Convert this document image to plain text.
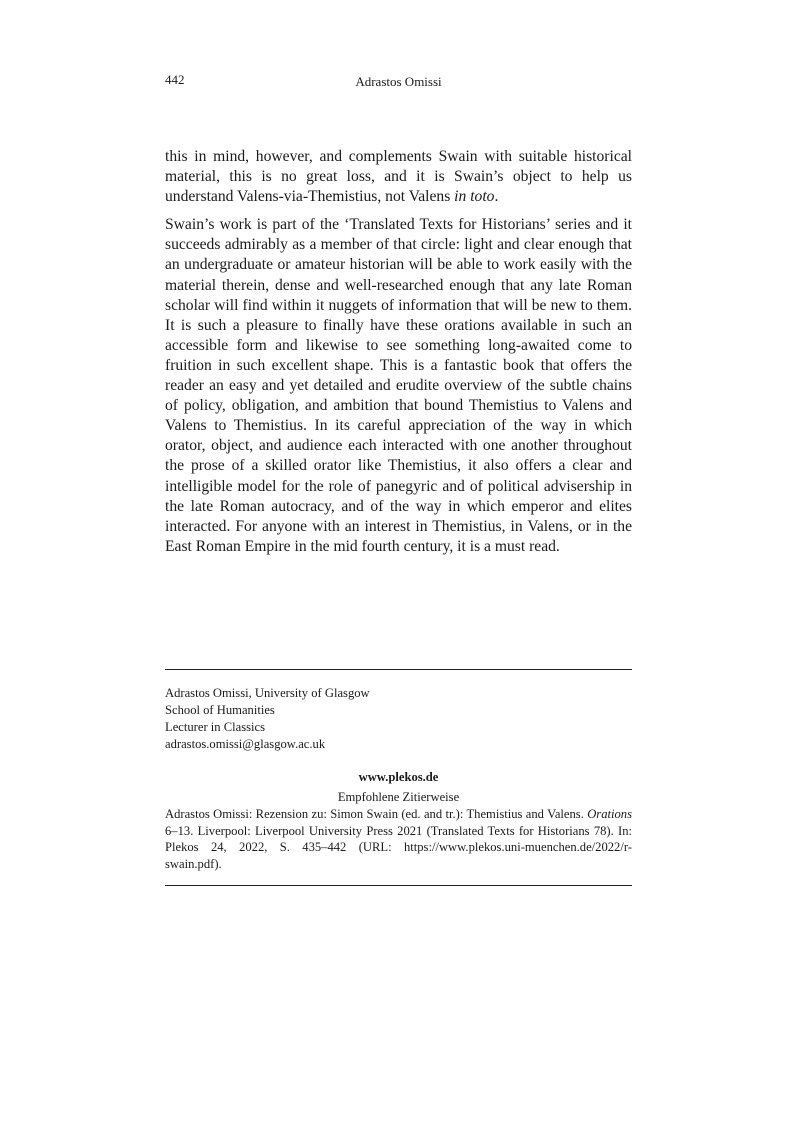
442	Adrastos Omissi

this in mind, however, and complements Swain with suitable historical material, this is no great loss, and it is Swain’s object to help us understand Valens-via-Themistius, not Valens in toto.

Swain’s work is part of the ‘Translated Texts for Historians’ series and it succeeds admirably as a member of that circle: light and clear enough that an undergraduate or amateur historian will be able to work easily with the material therein, dense and well-researched enough that any late Roman scholar will find within it nuggets of information that will be new to them. It is such a pleasure to finally have these orations available in such an accessible form and likewise to see something long-awaited come to fruition in such excellent shape. This is a fantastic book that offers the reader an easy and yet detailed and erudite overview of the subtle chains of policy, obligation, and ambition that bound Themistius to Valens and Valens to Themistius. In its careful appreciation of the way in which orator, object, and audience each interacted with one another throughout the prose of a skilled orator like Themistius, it also offers a clear and intelligible model for the role of panegyric and of political advisership in the late Roman autocracy, and of the way in which emperor and elites interacted. For anyone with an interest in Themistius, in Valens, or in the East Roman Empire in the mid fourth century, it is a must read.

Adrastos Omissi, University of Glasgow
School of Humanities
Lecturer in Classics
adrastos.omissi@glasgow.ac.uk
www.plekos.de
Empfohlene Zitierweise
Adrastos Omissi: Rezension zu: Simon Swain (ed. and tr.): Themistius and Valens. Orations 6–13. Liverpool: Liverpool University Press 2021 (Translated Texts for Historians 78). In: Plekos 24, 2022, S. 435–442 (URL: https://www.plekos.uni-muenchen.de/2022/r-swain.pdf).
